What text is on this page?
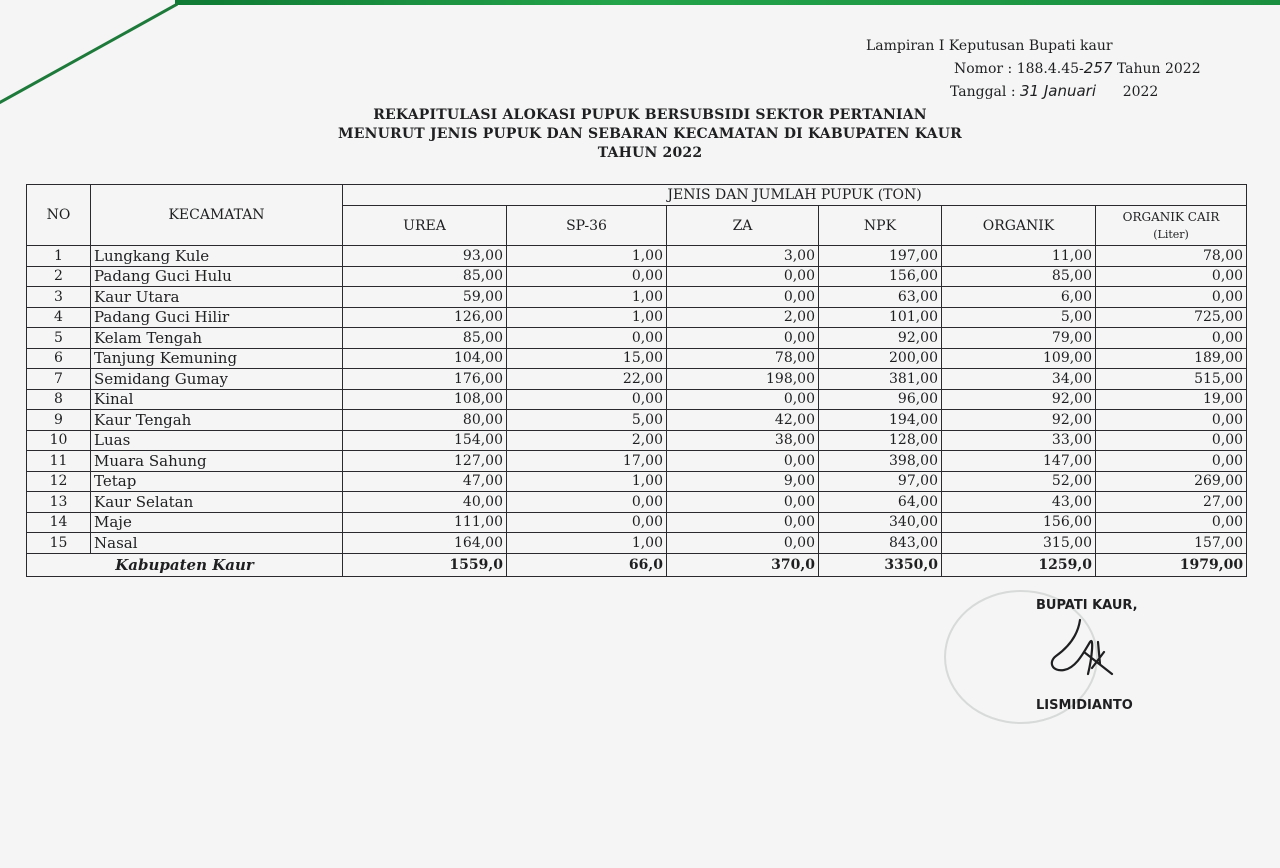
Lampiran I Keputusan Bupati kaur
Nomor : 188.4.45-257 Tahun 2022
Tanggal : 31 Januari 2022
REKAPITULASI ALOKASI PUPUK BERSUBSIDI SEKTOR PERTANIAN
MENURUT JENIS PUPUK DAN SEBARAN KECAMATAN DI KABUPATEN KAUR
TAHUN 2022
NO	KECAMATAN	JENIS DAN JUMLAH PUPUK (TON)					
		UREA	SP-36	ZA	NPK	ORGANIK	ORGANIK CAIR
(Liter)

1	Lungkang Kule	93,00	1,00	3,00	197,00	11,00	78,00
2	Padang Guci Hulu	85,00	0,00	0,00	156,00	85,00	0,00
3	Kaur Utara	59,00	1,00	0,00	63,00	6,00	0,00
4	Padang Guci Hilir	126,00	1,00	2,00	101,00	5,00	725,00
5	Kelam Tengah	85,00	0,00	0,00	92,00	79,00	0,00
6	Tanjung Kemuning	104,00	15,00	78,00	200,00	109,00	189,00
7	Semidang Gumay	176,00	22,00	198,00	381,00	34,00	515,00
8	Kinal	108,00	0,00	0,00	96,00	92,00	19,00
9	Kaur Tengah	80,00	5,00	42,00	194,00	92,00	0,00
10	Luas	154,00	2,00	38,00	128,00	33,00	0,00
11	Muara Sahung	127,00	17,00	0,00	398,00	147,00	0,00
12	Tetap	47,00	1,00	9,00	97,00	52,00	269,00
13	Kaur Selatan	40,00	0,00	0,00	64,00	43,00	27,00
14	Maje	111,00	0,00	0,00	340,00	156,00	0,00
15	Nasal	164,00	1,00	0,00	843,00	315,00	157,00
Kabupaten Kaur		1559,0	66,0	370,0	3350,0	1259,0	1979,00
BUPATI KAUR,
LISMIDIANTO
